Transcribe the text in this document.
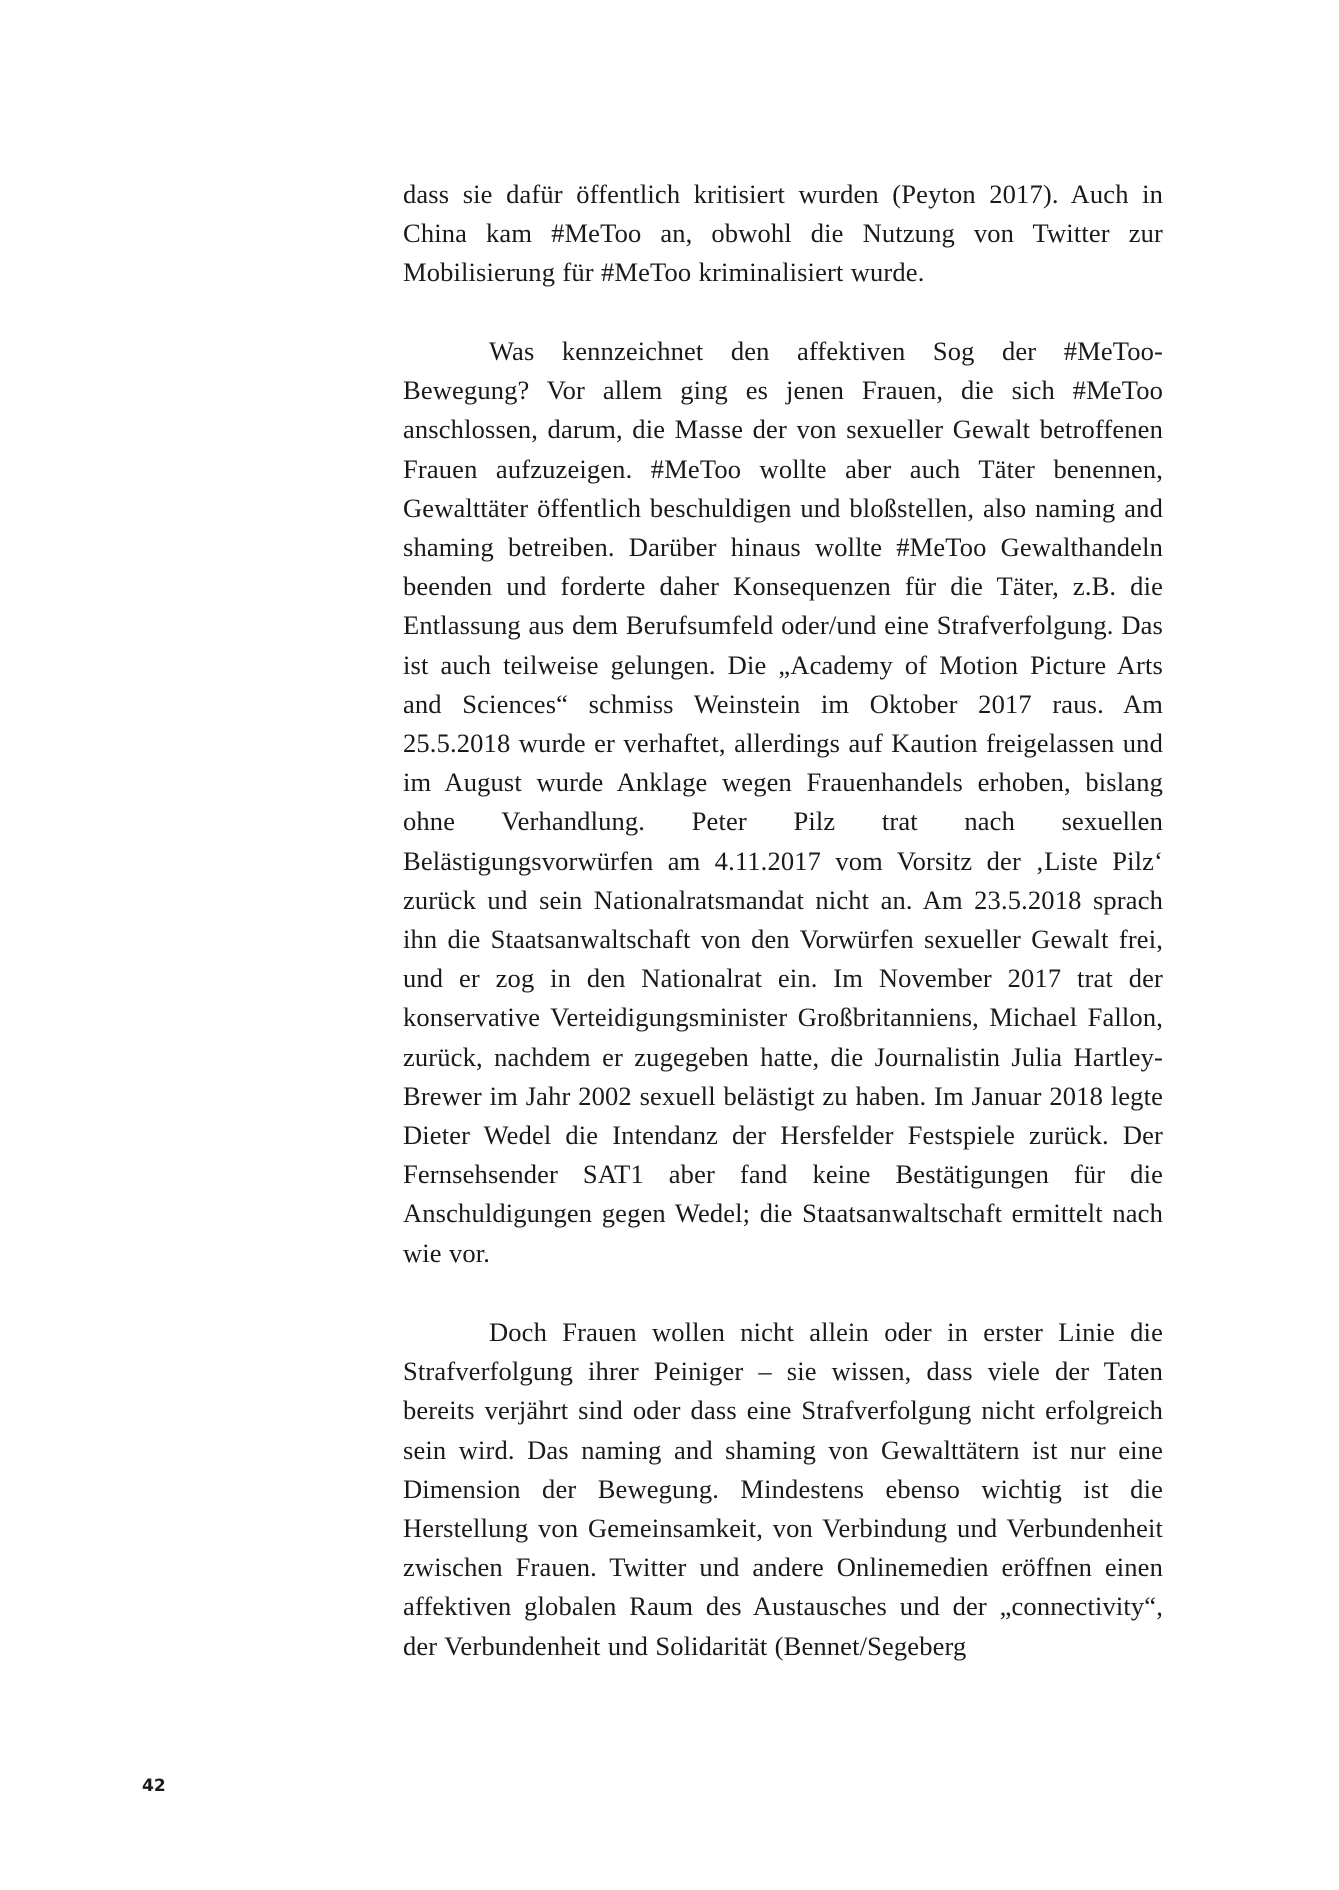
dass sie dafür öffentlich kritisiert wurden (Peyton 2017). Auch in China kam #MeToo an, obwohl die Nutzung von Twitter zur Mobilisierung für #MeToo kriminalisiert wurde.

Was kennzeichnet den affektiven Sog der #MeToo-Bewegung? Vor allem ging es jenen Frauen, die sich #MeToo anschlossen, darum, die Masse der von sexueller Gewalt betroffenen Frauen aufzuzeigen. #MeToo wollte aber auch Täter benennen, Gewalttäter öffentlich beschuldigen und bloßstellen, also naming and shaming betreiben. Darüber hinaus wollte #MeToo Gewalthandeln beenden und forderte daher Konsequenzen für die Täter, z.B. die Entlassung aus dem Berufsumfeld oder/und eine Strafverfolgung. Das ist auch teilweise gelungen. Die „Academy of Motion Picture Arts and Sciences“ schmiss Weinstein im Oktober 2017 raus. Am 25.5.2018 wurde er verhaftet, allerdings auf Kaution freigelassen und im August wurde Anklage wegen Frauenhandels erhoben, bislang ohne Verhandlung. Peter Pilz trat nach sexuellen Belästigungsvorwürfen am 4.11.2017 vom Vorsitz der ‚Liste Pilz‘ zurück und sein Nationalratsmandat nicht an. Am 23.5.2018 sprach ihn die Staatsanwaltschaft von den Vorwürfen sexueller Gewalt frei, und er zog in den Nationalrat ein. Im November 2017 trat der konservative Verteidigungsminister Großbritanniens, Michael Fallon, zurück, nachdem er zugegeben hatte, die Journalistin Julia Hartley-Brewer im Jahr 2002 sexuell belästigt zu haben. Im Januar 2018 legte Dieter Wedel die Intendanz der Hersfelder Festspiele zurück. Der Fernsehsender SAT1 aber fand keine Bestätigungen für die Anschuldigungen gegen Wedel; die Staatsanwaltschaft ermittelt nach wie vor.

Doch Frauen wollen nicht allein oder in erster Linie die Strafverfolgung ihrer Peiniger – sie wissen, dass viele der Taten bereits verjährt sind oder dass eine Strafverfolgung nicht erfolgreich sein wird. Das naming and shaming von Gewalttätern ist nur eine Dimension der Bewegung. Mindestens ebenso wichtig ist die Herstellung von Gemeinsamkeit, von Verbindung und Verbundenheit zwischen Frauen. Twitter und andere Onlinemedien eröffnen einen affektiven globalen Raum des Austausches und der „connectivity“, der Verbundenheit und Solidarität (Bennet/Segeberg

42
